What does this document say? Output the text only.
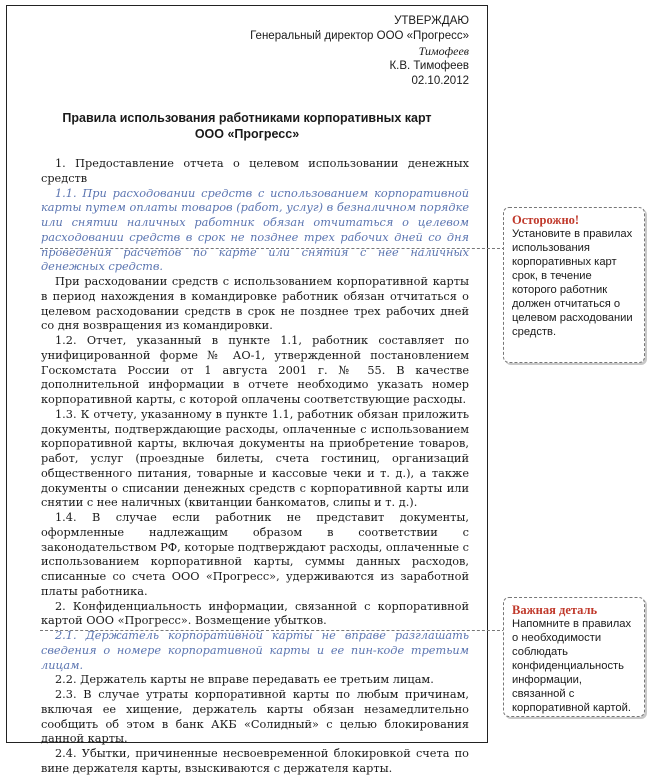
УТВЕРЖДАЮ
Генеральный директор ООО «Прогресс»
Тимофеев
К.В. Тимофеев
02.10.2012
Правила использования работниками корпоративных карт
ООО «Прогресс»

1. Предоставление отчета о целевом использовании денежных средств

1.1. При расходовании средств с использованием корпоративной карты путем оплаты товаров (работ, услуг) в безналичном порядке или снятии наличных работник обязан отчитаться о целевом расходовании средств в срок не позднее трех рабочих дней со дня проведения расчетов по карте или снятия с нее наличных денежных средств.

При расходовании средств с использованием корпоративной карты в период нахождения в командировке работник обязан отчитаться о целевом расходовании средств в срок не позднее трех рабочих дней со дня возвращения из командировки.

1.2. Отчет, указанный в пункте 1.1, работник составляет по унифицированной форме № АО-1, утвержденной постановлением Госкомстата России от 1 августа 2001 г. № 55. В качестве дополнительной информации в отчете необходимо указать номер корпоративной карты, с которой оплачены соответствующие расходы.

1.3. К отчету, указанному в пункте 1.1, работник обязан приложить документы, подтверждающие расходы, оплаченные с использованием корпоративной карты, включая документы на приобретение товаров, работ, услуг (проездные билеты, счета гостиниц, организаций общественного питания, товарные и кассовые чеки и т. д.), а также документы о списании денежных средств с корпоративной карты или снятии с нее наличных (квитанции банкоматов, слипы и т. д.).

1.4. В случае если работник не представит документы, оформленные надлежащим образом в соответствии с законодательством РФ, которые подтверждают расходы, оплаченные с использованием корпоративной карты, суммы данных расходов, списанные со счета ООО «Прогресс», удерживаются из заработной платы работника.

2. Конфиденциальность информации, связанной с корпоративной картой ООО «Прогресс». Возмещение убытков.

2.1. Держатель корпоративной карты не вправе разглашать сведения о номере корпоративной карты и ее пин-коде третьим лицам.

2.2. Держатель карты не вправе передавать ее третьим лицам.

2.3. В случае утраты корпоративной карты по любым причинам, включая ее хищение, держатель карты обязан незамедлительно сообщить об этом в банк АКБ «Солидный» с целью блокирования данной карты.

2.4. Убытки, причиненные несвоевременной блокировкой счета по вине держателя карты, взыскиваются с держателя карты.

Осторожно!
Установите в правилах использования корпоративных карт срок, в течение которого работник должен отчитаться о целевом расходовании средств.
Важная деталь
Напомните в правилах о необходимости соблюдать конфиденциальность информации, связанной с корпоративной картой.
